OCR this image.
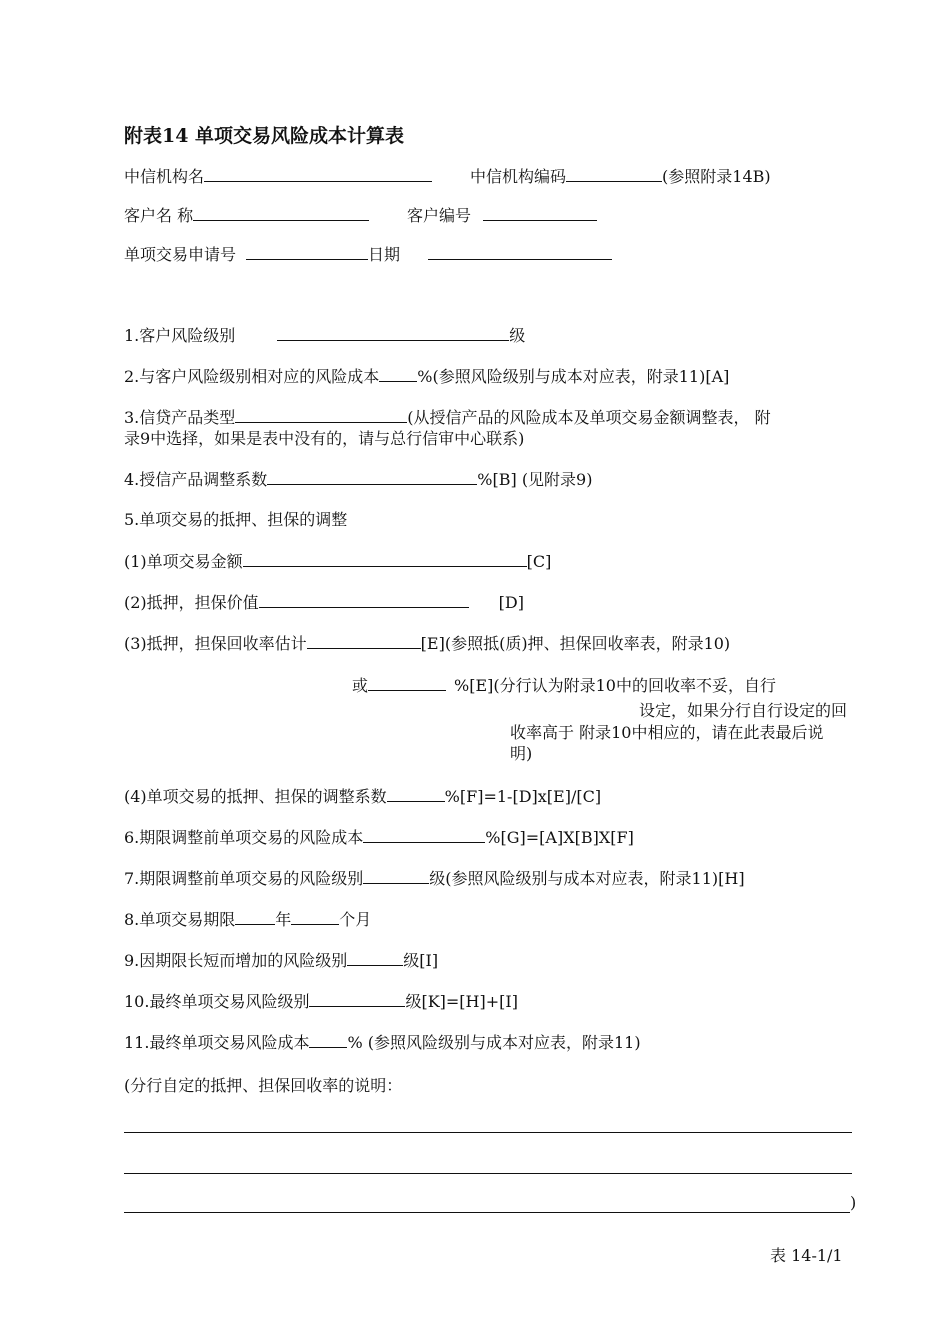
附表14 单项交易风险成本计算表
中信机构名	中信机构编码	(参照附录14B)
客户名 称	客户编号
单项交易申请号	日期
1.客户风险级别	级
2.与客户风险级别相对应的风险成本 %(参照风险级别与成本对应表，附录11)[A]
3.信贷产品类型	(从授信产品的风险成本及单项交易金额调整表， 附
录9中选择，如果是表中没有的，请与总行信审中心联系)
4.授信产品调整系数	%[B] (见附录9)
5.单项交易的抵押、担保的调整
(1)单项交易金额	[C]
(2)抵押，担保价值	[D]
(3)抵押，担保回收率估计	[E](参照抵(质)押、担保回收率表，附录10)
或	%[E](分行认为附录10中的回收率不妥，自行
设定，如果分行自行设定的回
收率高于 附录10中相应的，请在此表最后说
明)
(4)单项交易的抵押、担保的调整系数	%[F]=1-[D]x[E]/[C]
6.期限调整前单项交易的风险成本	%[G]=[A]X[B]X[F]
7.期限调整前单项交易的风险级别	级(参照风险级别与成本对应表，附录11)[H]
8.单项交易期限	年	个月
9.因期限长短而增加的风险级别	级[I]
10.最终单项交易风险级别	级[K]=[H]+[I]
11.最终单项交易风险成本 % (参照风险级别与成本对应表，附录11)
(分行自定的抵押、担保回收率的说明：
)
表 14-1/1
